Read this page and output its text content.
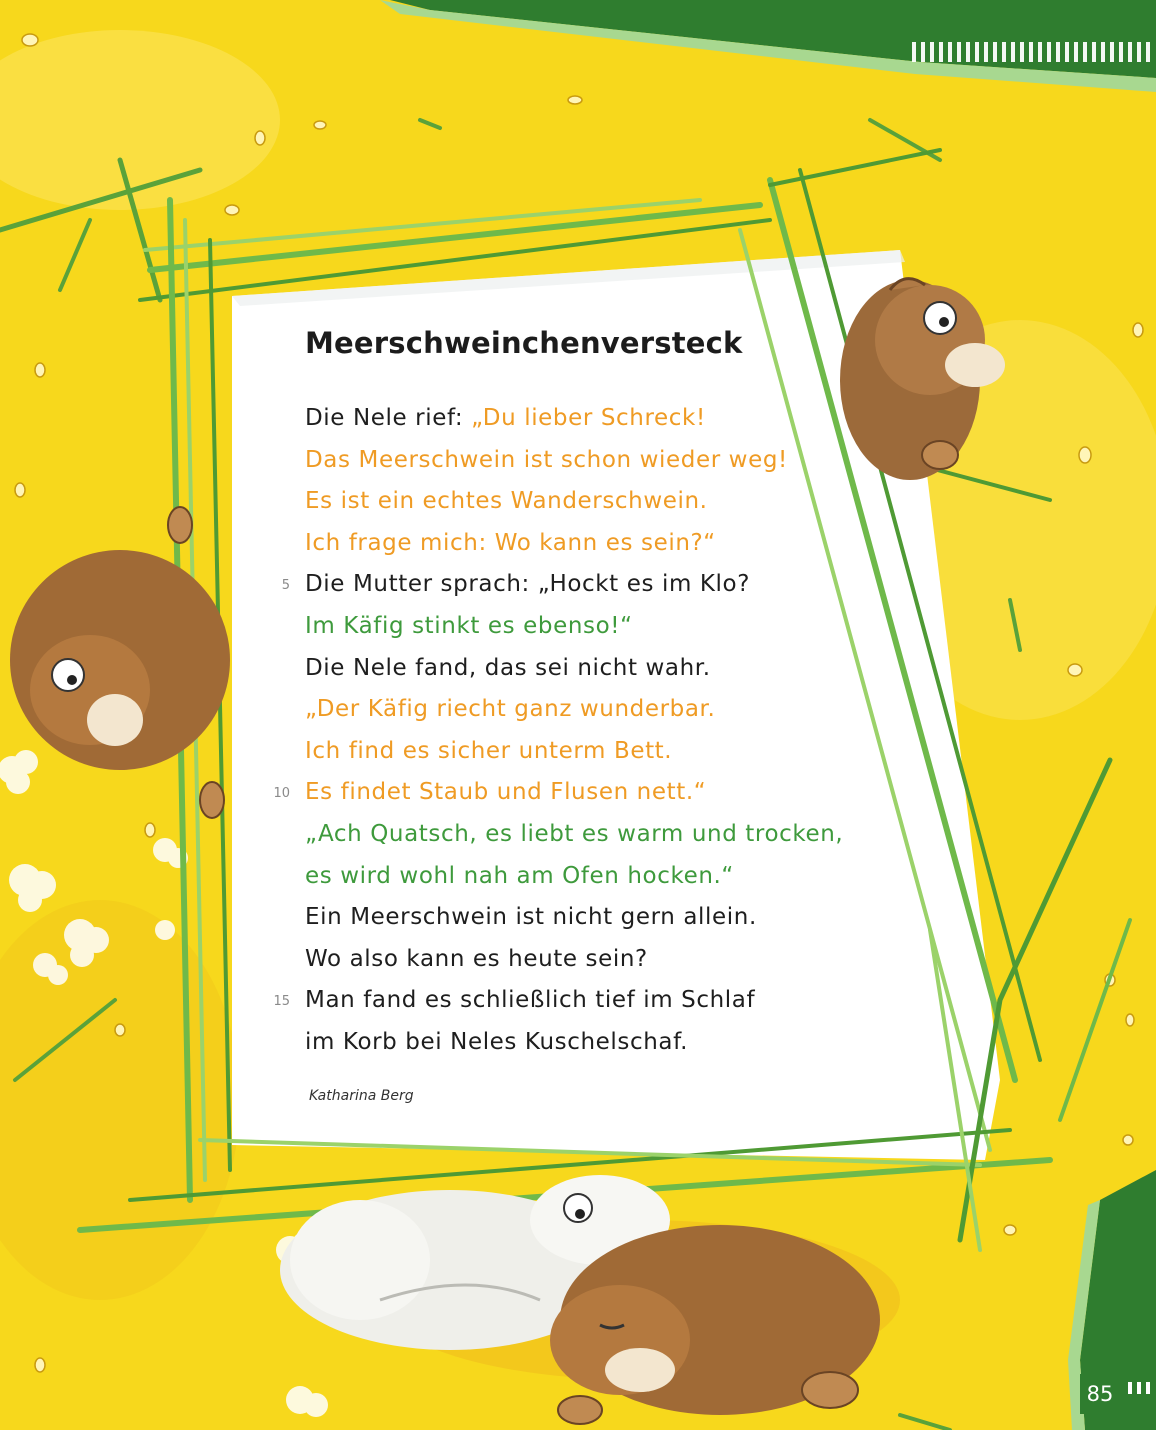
Meerschweinchenversteck
Die Nele rief: „Du lieber Schreck!
Das Meerschwein ist schon wieder weg!
Es ist ein echtes Wanderschwein.
Ich frage mich: Wo kann es sein?“
Die Mutter sprach: „Hockt es im Klo?
5
Im Käfig stinkt es ebenso!“
Die Nele fand, das sei nicht wahr.
„Der Käfig riecht ganz wunderbar.
Ich find es sicher unterm Bett.
Es findet Staub und Flusen nett.“
10
„Ach Quatsch, es liebt es warm und trocken,
es wird wohl nah am Ofen hocken.“
Ein Meerschwein ist nicht gern allein.
Wo also kann es heute sein?
Man fand es schließlich tief im Schlaf
15
im Korb bei Neles Kuschelschaf.
Katharina Berg
85
